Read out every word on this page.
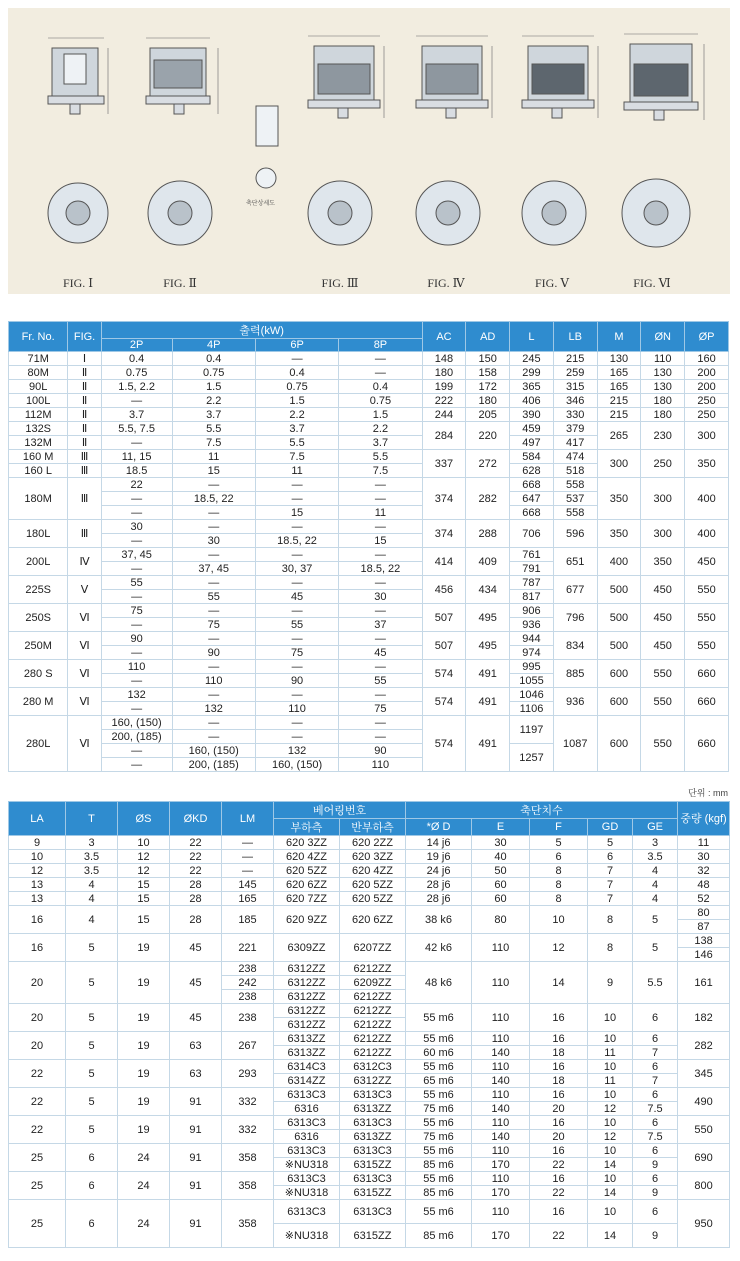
FIG. Ⅰ	FIG. Ⅱ	FIG. Ⅲ	FIG. Ⅳ	FIG. Ⅴ	FIG. Ⅵ
축단상세도
Fr. No.	FIG.	출력(kW)				AC	AD	L	LB	M	ØN	ØP
		2P	4P	6P	8P							
71M	Ⅰ	0.4	0.4	—	—	148	150	245	215	130	110	160
80M	Ⅱ	0.75	0.75	0.4	—	180	158	299	259	165	130	200
90L	Ⅱ	1.5, 2.2	1.5	0.75	0.4	199	172	365	315	165	130	200
100L	Ⅱ	—	2.2	1.5	0.75	222	180	406	346	215	180	250
112M	Ⅱ	3.7	3.7	2.2	1.5	244	205	390	330	215	180	250
132S	Ⅱ	5.5, 7.5	5.5	3.7	2.2	284	220	459	379	265	230	300
132M	Ⅱ	—	7.5	5.5	3.7			497	417			
160 M	Ⅲ	11, 15	11	7.5	5.5	337	272	584	474	300	250	350
160 L	Ⅲ	18.5	15	11	7.5			628	518			
180M	Ⅲ	22	—	—	—	374	282	668	558	350	300	400
		—	18.5, 22	—	—			647	537			
		—	—	15	11			668	558			
180L	Ⅲ	30	—	—	—	374	288	706	596	350	300	400
		—	30	18.5, 22	15							
200L	Ⅳ	37, 45	—	—	—	414	409	761	651	400	350	450
		—	37, 45	30, 37	18.5, 22			791				
225S	Ⅴ	55	—	—	—	456	434	787	677	500	450	550
		—	55	45	30			817				
250S	Ⅵ	75	—	—	—	507	495	906	796	500	450	550
		—	75	55	37			936				
250M	Ⅵ	90	—	—	—	507	495	944	834	500	450	550
		—	90	75	45			974				
280 S	Ⅵ	110	—	—	—	574	491	995	885	600	550	660
		—	110	90	55			1055				
280 M	Ⅵ	132	—	—	—	574	491	1046	936	600	550	660
		—	132	110	75			1106				
280L	Ⅵ	160, (150)	—	—	—	574	491	1197	1087	600	550	660
		200, (185)	—	—	—							
		—	160, (150)	132	90			1257				
		—	200, (185)	160, (150)	110							
단위 : mm
LA	T	ØS	ØKD	LM	베어링번호		축단치수					중량 (kgf)
					부하측	반부하측	*Ø D	E	F	GD	GE	
9	3	10	22	—	620 3ZZ	620 2ZZ	14 j6	30	5	5	3	11
10	3.5	12	22	—	620 4ZZ	620 3ZZ	19 j6	40	6	6	3.5	30
12	3.5	12	22	—	620 5ZZ	620 4ZZ	24 j6	50	8	7	4	32
13	4	15	28	145	620 6ZZ	620 5ZZ	28 j6	60	8	7	4	48
13	4	15	28	165	620 7ZZ	620 5ZZ	28 j6	60	8	7	4	52
16	4	15	28	185	620 9ZZ	620 6ZZ	38 k6	80	10	8	5	80
												87
16	5	19	45	221	6309ZZ	6207ZZ	42 k6	110	12	8	5	138
												146
20	5	19	45	238	6312ZZ	6212ZZ	48 k6	110	14	9	5.5	161
				242	6312ZZ	6209ZZ						
				238	6312ZZ	6212ZZ						
20	5	19	45	238	6312ZZ	6212ZZ	55 m6	110	16	10	6	182
					6312ZZ	6212ZZ						
20	5	19	63	267	6313ZZ	6212ZZ	55 m6	110	16	10	6	282
					6313ZZ	6212ZZ	60 m6	140	18	11	7	
22	5	19	63	293	6314C3	6312C3	55 m6	110	16	10	6	345
					6314ZZ	6312ZZ	65 m6	140	18	11	7	
22	5	19	91	332	6313C3	6313C3	55 m6	110	16	10	6	490
					6316	6313ZZ	75 m6	140	20	12	7.5	
22	5	19	91	332	6313C3	6313C3	55 m6	110	16	10	6	550
					6316	6313ZZ	75 m6	140	20	12	7.5	
25	6	24	91	358	6313C3	6313C3	55 m6	110	16	10	6	690
					※NU318	6315ZZ	85 m6	170	22	14	9	
25	6	24	91	358	6313C3	6313C3	55 m6	110	16	10	6	800
					※NU318	6315ZZ	85 m6	170	22	14	9	
25	6	24	91	358	6313C3	6313C3	55 m6	110	16	10	6	950
					※NU318	6315ZZ	85 m6	170	22	14	9	
